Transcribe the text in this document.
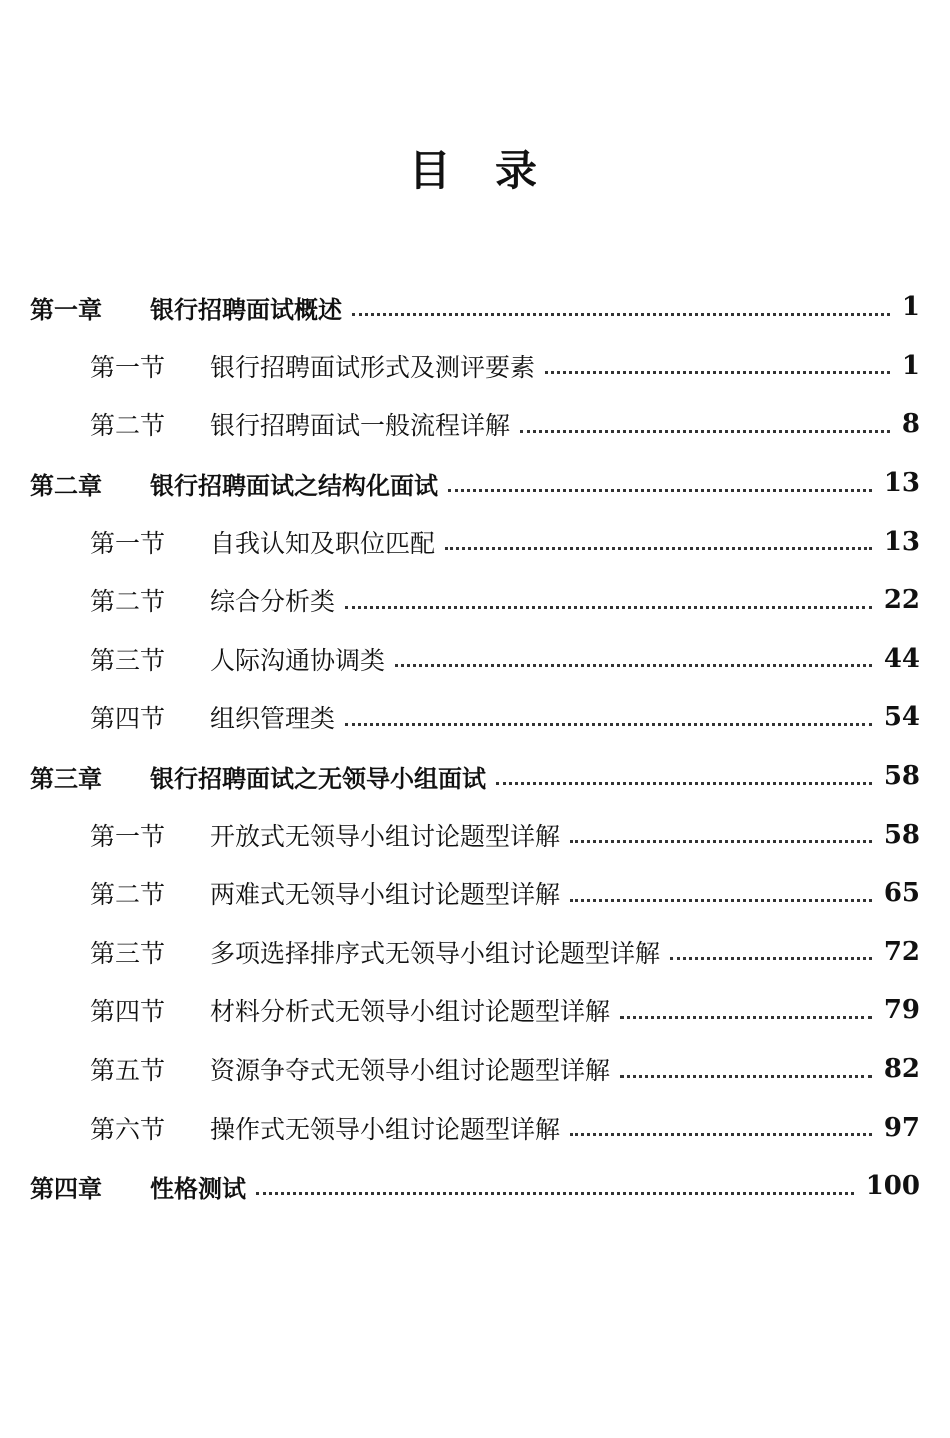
目 录
第一章	银行招聘面试概述	1
第一节	银行招聘面试形式及测评要素	1
第二节	银行招聘面试一般流程详解	8
第二章	银行招聘面试之结构化面试	13
第一节	自我认知及职位匹配	13
第二节	综合分析类	22
第三节	人际沟通协调类	44
第四节	组织管理类	54
第三章	银行招聘面试之无领导小组面试	58
第一节	开放式无领导小组讨论题型详解	58
第二节	两难式无领导小组讨论题型详解	65
第三节	多项选择排序式无领导小组讨论题型详解	72
第四节	材料分析式无领导小组讨论题型详解	79
第五节	资源争夺式无领导小组讨论题型详解	82
第六节	操作式无领导小组讨论题型详解	97
第四章	性格测试	100
